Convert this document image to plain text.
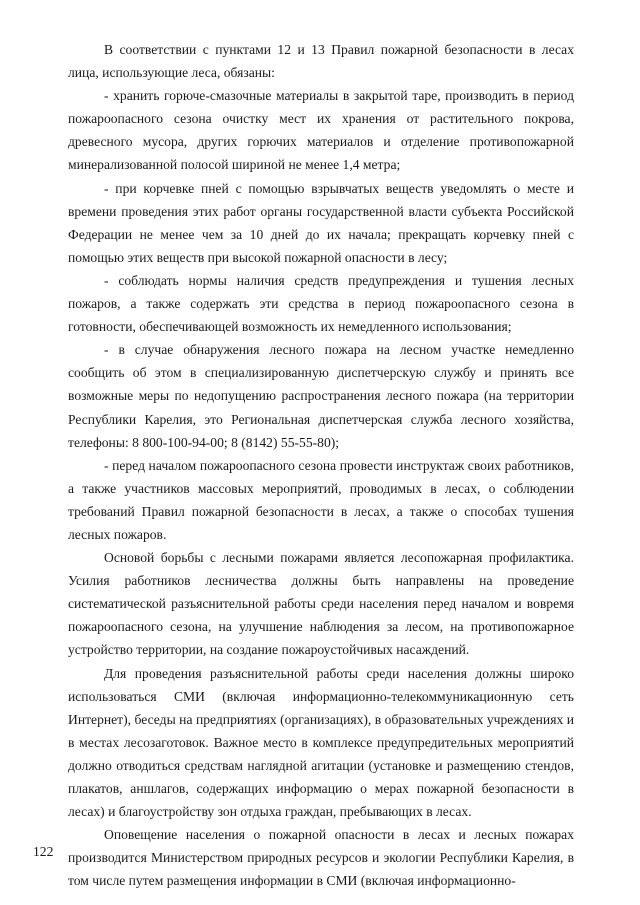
В соответствии с пунктами 12 и 13 Правил пожарной безопасности в лесах лица, использующие леса, обязаны:

- хранить горюче-смазочные материалы в закрытой таре, производить в период пожароопасного сезона очистку мест их хранения от растительного покрова, древесного мусора, других горючих материалов и отделение противопожарной минерализованной полосой шириной не менее 1,4 метра;

- при корчевке пней с помощью взрывчатых веществ уведомлять о месте и времени проведения этих работ органы государственной власти субъекта Российской Федерации не менее чем за 10 дней до их начала; прекращать корчевку пней с помощью этих веществ при высокой пожарной опасности в лесу;

- соблюдать нормы наличия средств предупреждения и тушения лесных пожаров, а также содержать эти средства в период пожароопасного сезона в готовности, обеспечивающей возможность их немедленного использования;

- в случае обнаружения лесного пожара на лесном участке немедленно сообщить об этом в специализированную диспетчерскую службу и принять все возможные меры по недопущению распространения лесного пожара (на территории Республики Карелия, это Региональная диспетчерская служба лесного хозяйства, телефоны: 8 800-100-94-00; 8 (8142) 55-55-80);

- перед началом пожароопасного сезона провести инструктаж своих работников, а также участников массовых мероприятий, проводимых в лесах, о соблюдении требований Правил пожарной безопасности в лесах, а также о способах тушения лесных пожаров.

Основой борьбы с лесными пожарами является лесопожарная профилактика. Усилия работников лесничества должны быть направлены на проведение систематической разъяснительной работы среди населения перед началом и вовремя пожароопасного сезона, на улучшение наблюдения за лесом, на противопожарное устройство территории, на создание пожароустойчивых насаждений.

Для проведения разъяснительной работы среди населения должны широко использоваться СМИ (включая информационно-телекоммуникационную сеть Интернет), беседы на предприятиях (организациях), в образовательных учреждениях и в местах лесозаготовок. Важное место в комплексе предупредительных мероприятий должно отводиться средствам наглядной агитации (установке и размещению стендов, плакатов, аншлагов, содержащих информацию о мерах пожарной безопасности в лесах) и благоустройству зон отдыха граждан, пребывающих в лесах.

Оповещение населения о пожарной опасности в лесах и лесных пожарах производится Министерством природных ресурсов и экологии Республики Карелия, в том числе путем размещения информации в СМИ (включая информационно-

122
